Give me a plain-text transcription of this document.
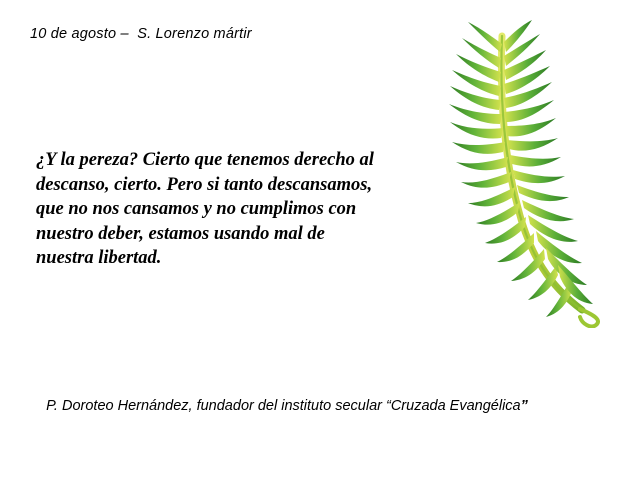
10 de agosto –  S. Lorenzo mártir
¿Y la pereza? Cierto que tenemos derecho al descanso, cierto. Pero si tanto descansamos, que no nos cansamos y no cumplimos con nuestro deber, estamos usando mal de nuestra libertad.

P. Doroteo Hernández, fundador del instituto secular “Cruzada Evangélica”
